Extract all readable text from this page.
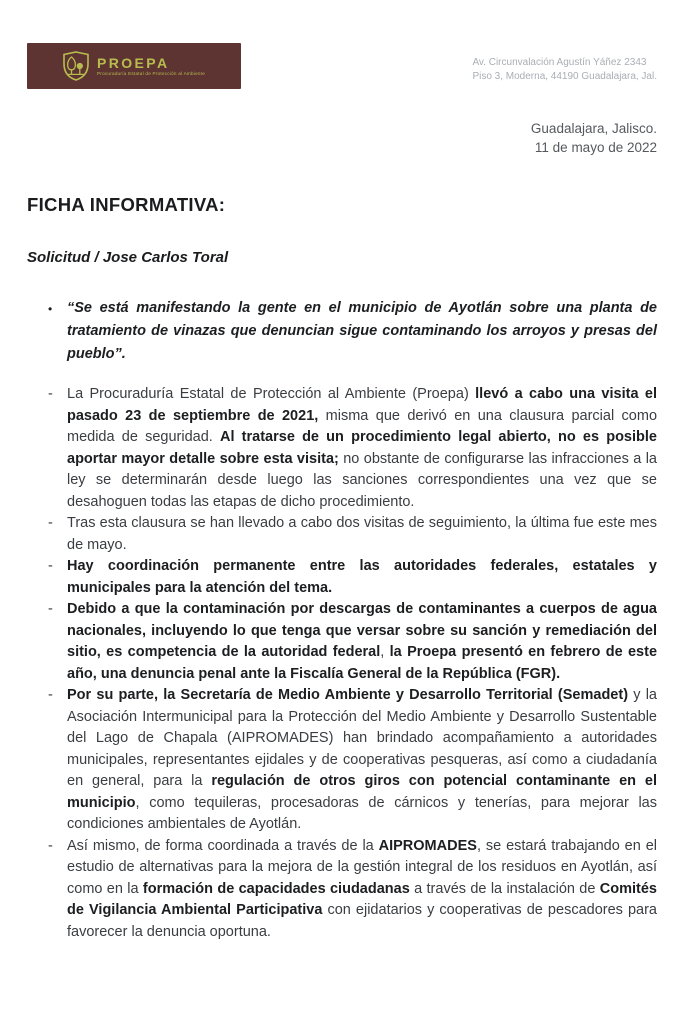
PROEPA
Procuraduría Estatal de Protección al Ambiente
Av. Circunvalación Agustín Yáñez 2343
Piso 3, Moderna, 44190 Guadalajara, Jal.
Guadalajara, Jalisco.
11 de mayo de 2022
FICHA INFORMATIVA:
Solicitud / Jose Carlos Toral
•	“Se está manifestando la gente en el municipio de Ayotlán sobre una planta de tratamiento de vinazas que denuncian sigue contaminando los arroyos y presas del pueblo”.
- La Procuraduría Estatal de Protección al Ambiente (Proepa) llevó a cabo una visita el pasado 23 de septiembre de 2021, misma que derivó en una clausura parcial como medida de seguridad. Al tratarse de un procedimiento legal abierto, no es posible aportar mayor detalle sobre esta visita; no obstante de configurarse las infracciones a la ley se determinarán desde luego las sanciones correspondientes una vez que se desahoguen todas las etapas de dicho procedimiento.
- Tras esta clausura se han llevado a cabo dos visitas de seguimiento, la última fue este mes de mayo.
- Hay coordinación permanente entre las autoridades federales, estatales y municipales para la atención del tema.
- Debido a que la contaminación por descargas de contaminantes a cuerpos de agua nacionales, incluyendo lo que tenga que versar sobre su sanción y remediación del sitio, es competencia de la autoridad federal, la Proepa presentó en febrero de este año, una denuncia penal ante la Fiscalía General de la República (FGR).
- Por su parte, la Secretaría de Medio Ambiente y Desarrollo Territorial (Semadet) y la Asociación Intermunicipal para la Protección del Medio Ambiente y Desarrollo Sustentable del Lago de Chapala (AIPROMADES) han brindado acompañamiento a autoridades municipales, representantes ejidales y de cooperativas pesqueras, así como a ciudadanía en general, para la regulación de otros giros con potencial contaminante en el municipio, como tequileras, procesadoras de cárnicos y tenerías, para mejorar las condiciones ambientales de Ayotlán.
- Así mismo, de forma coordinada a través de la AIPROMADES, se estará trabajando en el estudio de alternativas para la mejora de la gestión integral de los residuos en Ayotlán, así como en la formación de capacidades ciudadanas a través de la instalación de Comités de Vigilancia Ambiental Participativa con ejidatarios y cooperativas de pescadores para favorecer la denuncia oportuna.
